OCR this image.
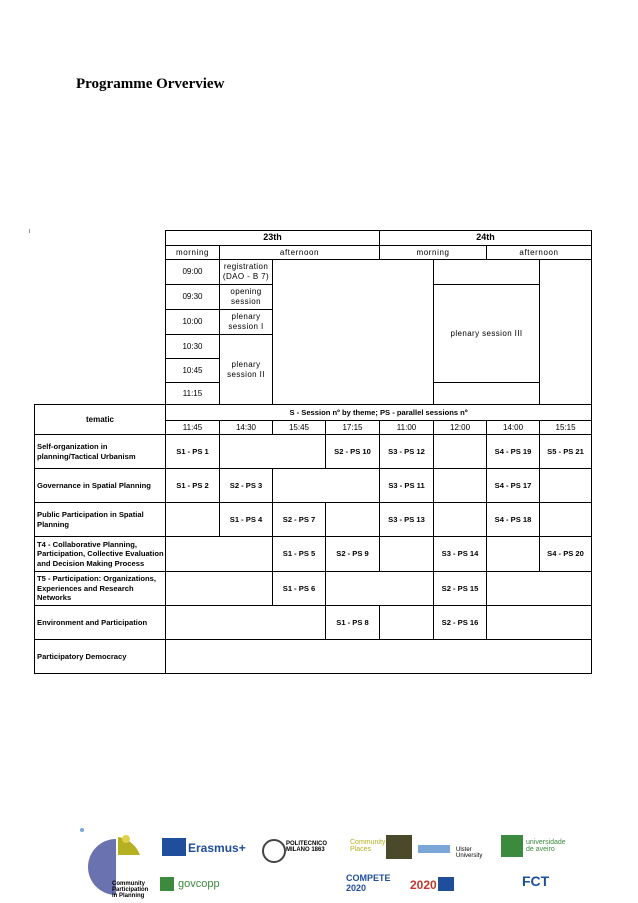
Programme Orverview
	23th				24th			
	morning	afternoon			morning		afternoon	
	09:00	registration (DAO - B 7)						
	09:30	opening session				plenary session III		
	10:00	plenary session I						
	10:30	plenary session II						
	10:45							
	11:15							
tematic	S - Session nº by theme; PS - parallel sessions nº							
	11:45	14:30	15:45	17:15	11:00	12:00	14:00	15:15
Self-organization in planning/Tactical Urbanism	S1 - PS 1			S2 - PS 10	S3 - PS 12		S4 - PS 19	S5 - PS 21
Governance in Spatial Planning	S1 - PS 2	S2 - PS 3			S3 - PS 11		S4 - PS 17	
Public Participation in Spatial Planning		S1 - PS 4	S2 - PS 7		S3 - PS 13		S4 - PS 18	
T4 - Collaborative Planning, Participation, Collective Evaluation and Decision Making Process			S1 - PS 5	S2 - PS 9		S3 - PS 14		S4 - PS 20
T5 - Participation: Organizations, Experiences and Research Networks			S1 - PS 6			S2 - PS 15		
Environment and Participation				S1 - PS 8		S2 - PS 16		
Participatory Democracy								
Community Participation in Planning
Erasmus+	POLITECNICO MILANO 1863
Community Places	Ulster University
universidade de aveiro
govcopp	COMPETE 2020	2020	FCT
